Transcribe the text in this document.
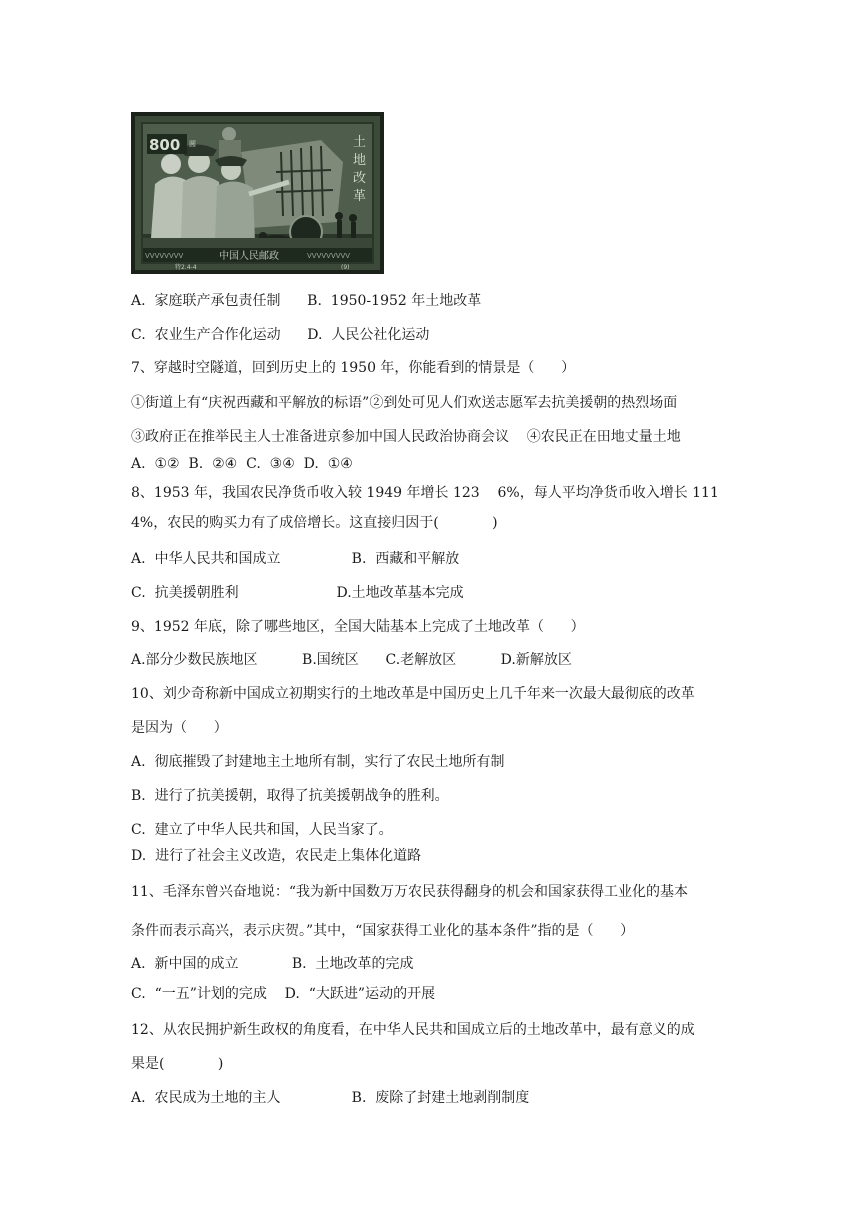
800 圆	土
地
改
革
VVVVVVVV	中国人民邮政	VVVVVVVVV
特2.4-4	(9)
A.  家庭联产承包责任制      B.  1950-1952 年土地改革
C.  农业生产合作化运动      D.  人民公社化运动
7、穿越时空隧道，回到历史上的 1950 年，你能看到的情景是（      ）
①街道上有“庆祝西藏和平解放的标语”②到处可见人们欢送志愿军去抗美援朝的热烈场面
③政府正在推举民主人士准备进京参加中国人民政治协商会议    ④农民正在田地丈量土地
A.  ①②  B.  ②④  C.  ③④  D.  ①④
8、1953 年，我国农民净货币收入较 1949 年增长 123    6%，每人平均净货币收入增长 111
4%，农民的购买力有了成倍增长。这直接归因于(            )
A.  中华人民共和国成立                B.  西藏和平解放
C.  抗美援朝胜利                      D.土地改革基本完成
9、1952 年底，除了哪些地区，全国大陆基本上完成了土地改革（      ）
A.部分少数民族地区          B.国统区      C.老解放区          D.新解放区
10、刘少奇称新中国成立初期实行的土地改革是中国历史上几千年来一次最大最彻底的改革
是因为（      ）
A.  彻底摧毁了封建地主土地所有制，实行了农民土地所有制
B.  进行了抗美援朝，取得了抗美援朝战争的胜利。
C.  建立了中华人民共和国，人民当家了。
D.  进行了社会主义改造，农民走上集体化道路
11、毛泽东曾兴奋地说：“我为新中国数万万农民获得翻身的机会和国家获得工业化的基本
条件而表示高兴，表示庆贺。”其中，“国家获得工业化的基本条件”指的是（      ）
A.  新中国的成立            B.  土地改革的完成
C.  “一五”计划的完成    D.  “大跃进”运动的开展
12、从农民拥护新生政权的角度看，在中华人民共和国成立后的土地改革中，最有意义的成
果是(            )
A.  农民成为土地的主人                B.  废除了封建土地剥削制度
